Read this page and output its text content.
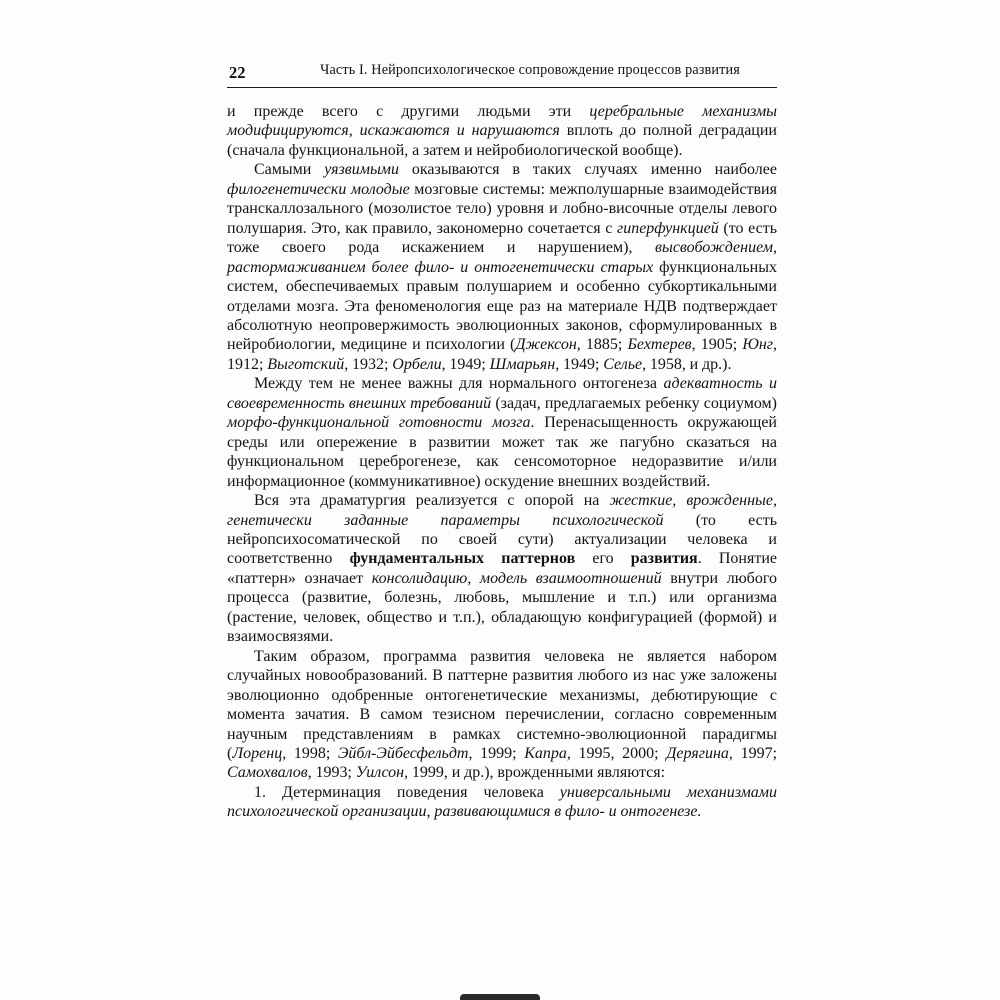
22	Часть I. Нейропсихологическое сопровождение процессов развития

и прежде всего с другими людьми эти церебральные механизмы модифицируются, искажаются и нарушаются вплоть до полной деградации (сначала функциональной, а затем и нейробиологической вообще).

Самыми уязвимыми оказываются в таких случаях именно наиболее филогенетически молодые мозговые системы: межполушарные взаимодействия транскаллозального (мозолистое тело) уровня и лобно-височные отделы левого полушария. Это, как правило, закономерно сочетается с гиперфункцией (то есть тоже своего рода искажением и нарушением), высвобождением, растормаживанием более фило- и онтогенетически старых функциональных систем, обеспечиваемых правым полушарием и особенно субкортикальными отделами мозга. Эта феноменология еще раз на материале НДВ подтверждает абсолютную неопровержимость эволюционных законов, сформулированных в нейробиологии, медицине и психологии (Джексон, 1885; Бехтерев, 1905; Юнг, 1912; Выготский, 1932; Орбели, 1949; Шмарьян, 1949; Селье, 1958, и др.).

Между тем не менее важны для нормального онтогенеза адекватность и своевременность внешних требований (задач, предлагаемых ребенку социумом) морфо-функциональной готовности мозга. Перенасыщенность окружающей среды или опережение в развитии может так же пагубно сказаться на функциональном цереброгенезе, как сенсомоторное недоразвитие и/или информационное (коммуникативное) оскудение внешних воздействий.

Вся эта драматургия реализуется с опорой на жесткие, врожденные, генетически заданные параметры психологической (то есть нейропсихосоматической по своей сути) актуализации человека и соответственно фундаментальных паттернов его развития. Понятие «паттерн» означает консолидацию, модель взаимоотношений внутри любого процесса (развитие, болезнь, любовь, мышление и т.п.) или организма (растение, человек, общество и т.п.), обладающую конфигурацией (формой) и взаимосвязями.

Таким образом, программа развития человека не является набором случайных новообразований. В паттерне развития любого из нас уже заложены эволюционно одобренные онтогенетические механизмы, дебютирующие с момента зачатия. В самом тезисном перечислении, согласно современным научным представлениям в рамках системно-эволюционной парадигмы (Лоренц, 1998; Эйбл-Эйбесфельдт, 1999; Капра, 1995, 2000; Дерягина, 1997; Самохвалов, 1993; Уилсон, 1999, и др.), врожденными являются:

1. Детерминация поведения человека универсальными механизмами психологической организации, развивающимися в фило- и онтогенезе.
